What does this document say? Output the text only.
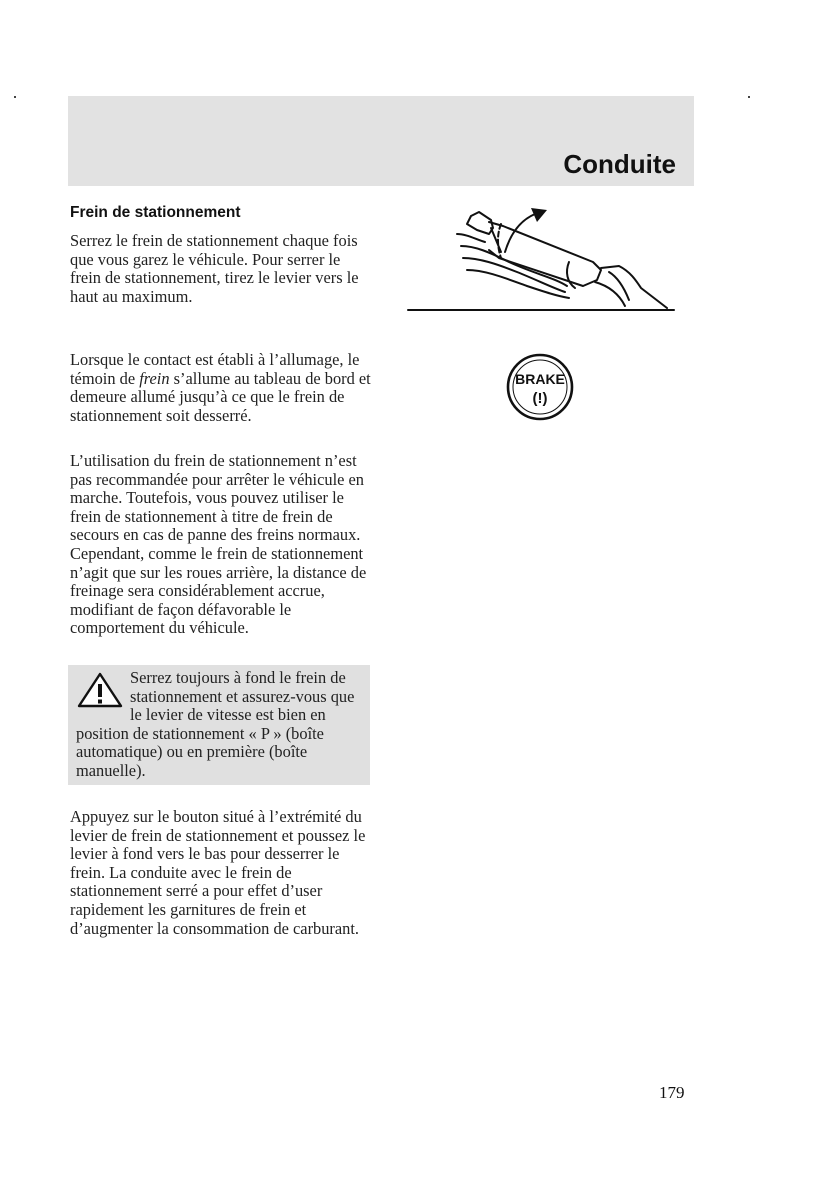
Conduite
Frein de stationnement

Serrez le frein de stationnement chaque fois que vous garez le véhicule. Pour serrer le frein de stationnement, tirez le levier vers le haut au maximum.

Lorsque le contact est établi à l’allumage, le témoin de frein s’allume au tableau de bord et demeure allumé jusqu’à ce que le frein de stationnement soit desserré.

BRAKE
(!)

L’utilisation du frein de stationnement n’est pas recommandée pour arrêter le véhicule en marche. Toutefois, vous pouvez utiliser le frein de stationnement à titre de frein de secours en cas de panne des freins normaux. Cependant, comme le frein de stationnement n’agit que sur les roues arrière, la distance de freinage sera considérablement accrue, modifiant de façon défavorable le comportement du véhicule.

Serrez toujours à fond le frein de stationnement et assurez-vous que le levier de vitesse est bien en position de stationnement « P » (boîte automatique) ou en première (boîte manuelle).

Appuyez sur le bouton situé à l’extrémité du levier de frein de stationnement et poussez le levier à fond vers le bas pour desserrer le frein. La conduite avec le frein de stationnement serré a pour effet d’user rapidement les garnitures de frein et d’augmenter la consommation de carburant.

179
